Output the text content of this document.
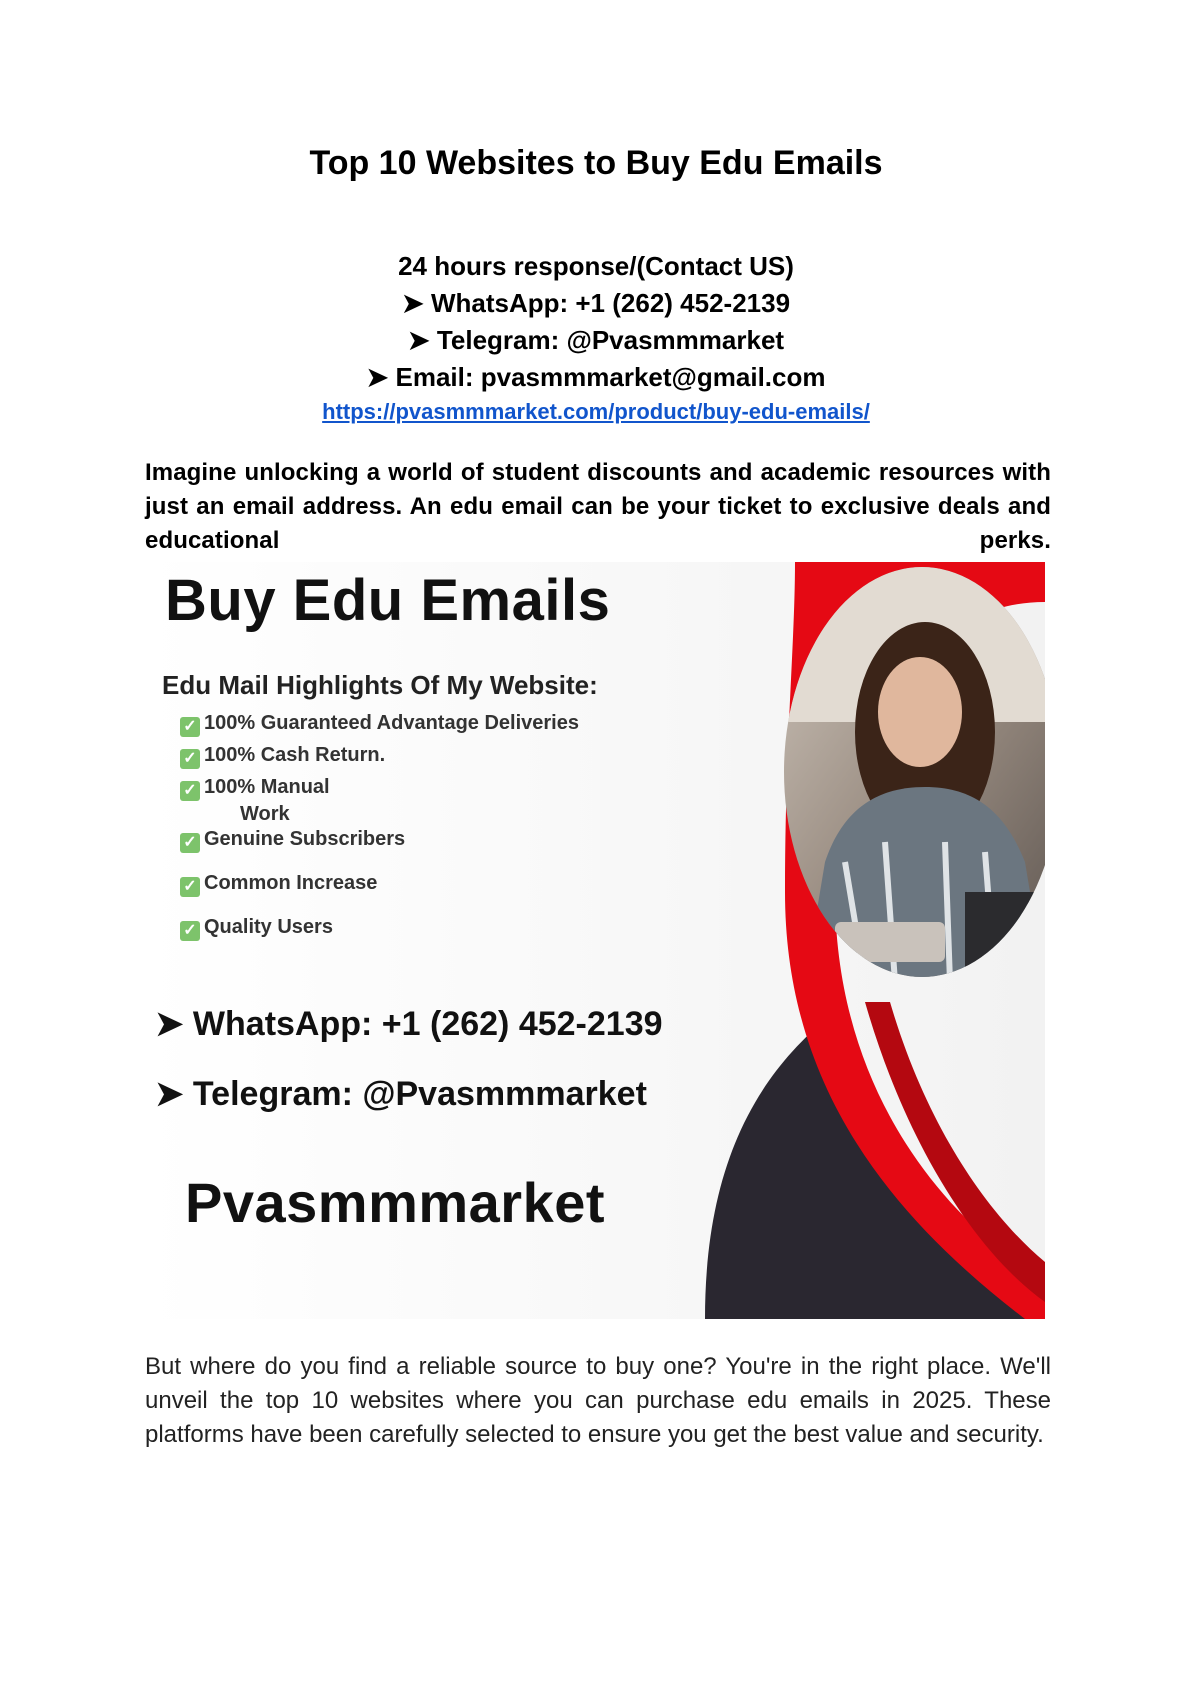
Top 10 Websites to Buy Edu Emails
24 hours response/(Contact US)
➤ WhatsApp: +1 (262) 452-2139
➤ Telegram: @Pvasmmmarket
➤ Email: pvasmmmarket@gmail.com
https://pvasmmmarket.com/product/buy-edu-emails/
Imagine unlocking a world of student discounts and academic resources with just an email address. An edu email can be your ticket to exclusive deals and educational perks.
Buy Edu Emails
Edu Mail Highlights Of My Website:
✓ 100% Guaranteed Advantage Deliveries
✓ 100% Cash Return.
✓ 100% Manual
Work
✓ Genuine Subscribers
✓ Common Increase
✓ Quality Users
➤ WhatsApp: +1 (262) 452-2139
➤ Telegram: @Pvasmmmarket
Pvasmmmarket
But where do you find a reliable source to buy one? You're in the right place. We'll unveil the top 10 websites where you can purchase edu emails in 2025. These platforms have been carefully selected to ensure you get the best value and security.
